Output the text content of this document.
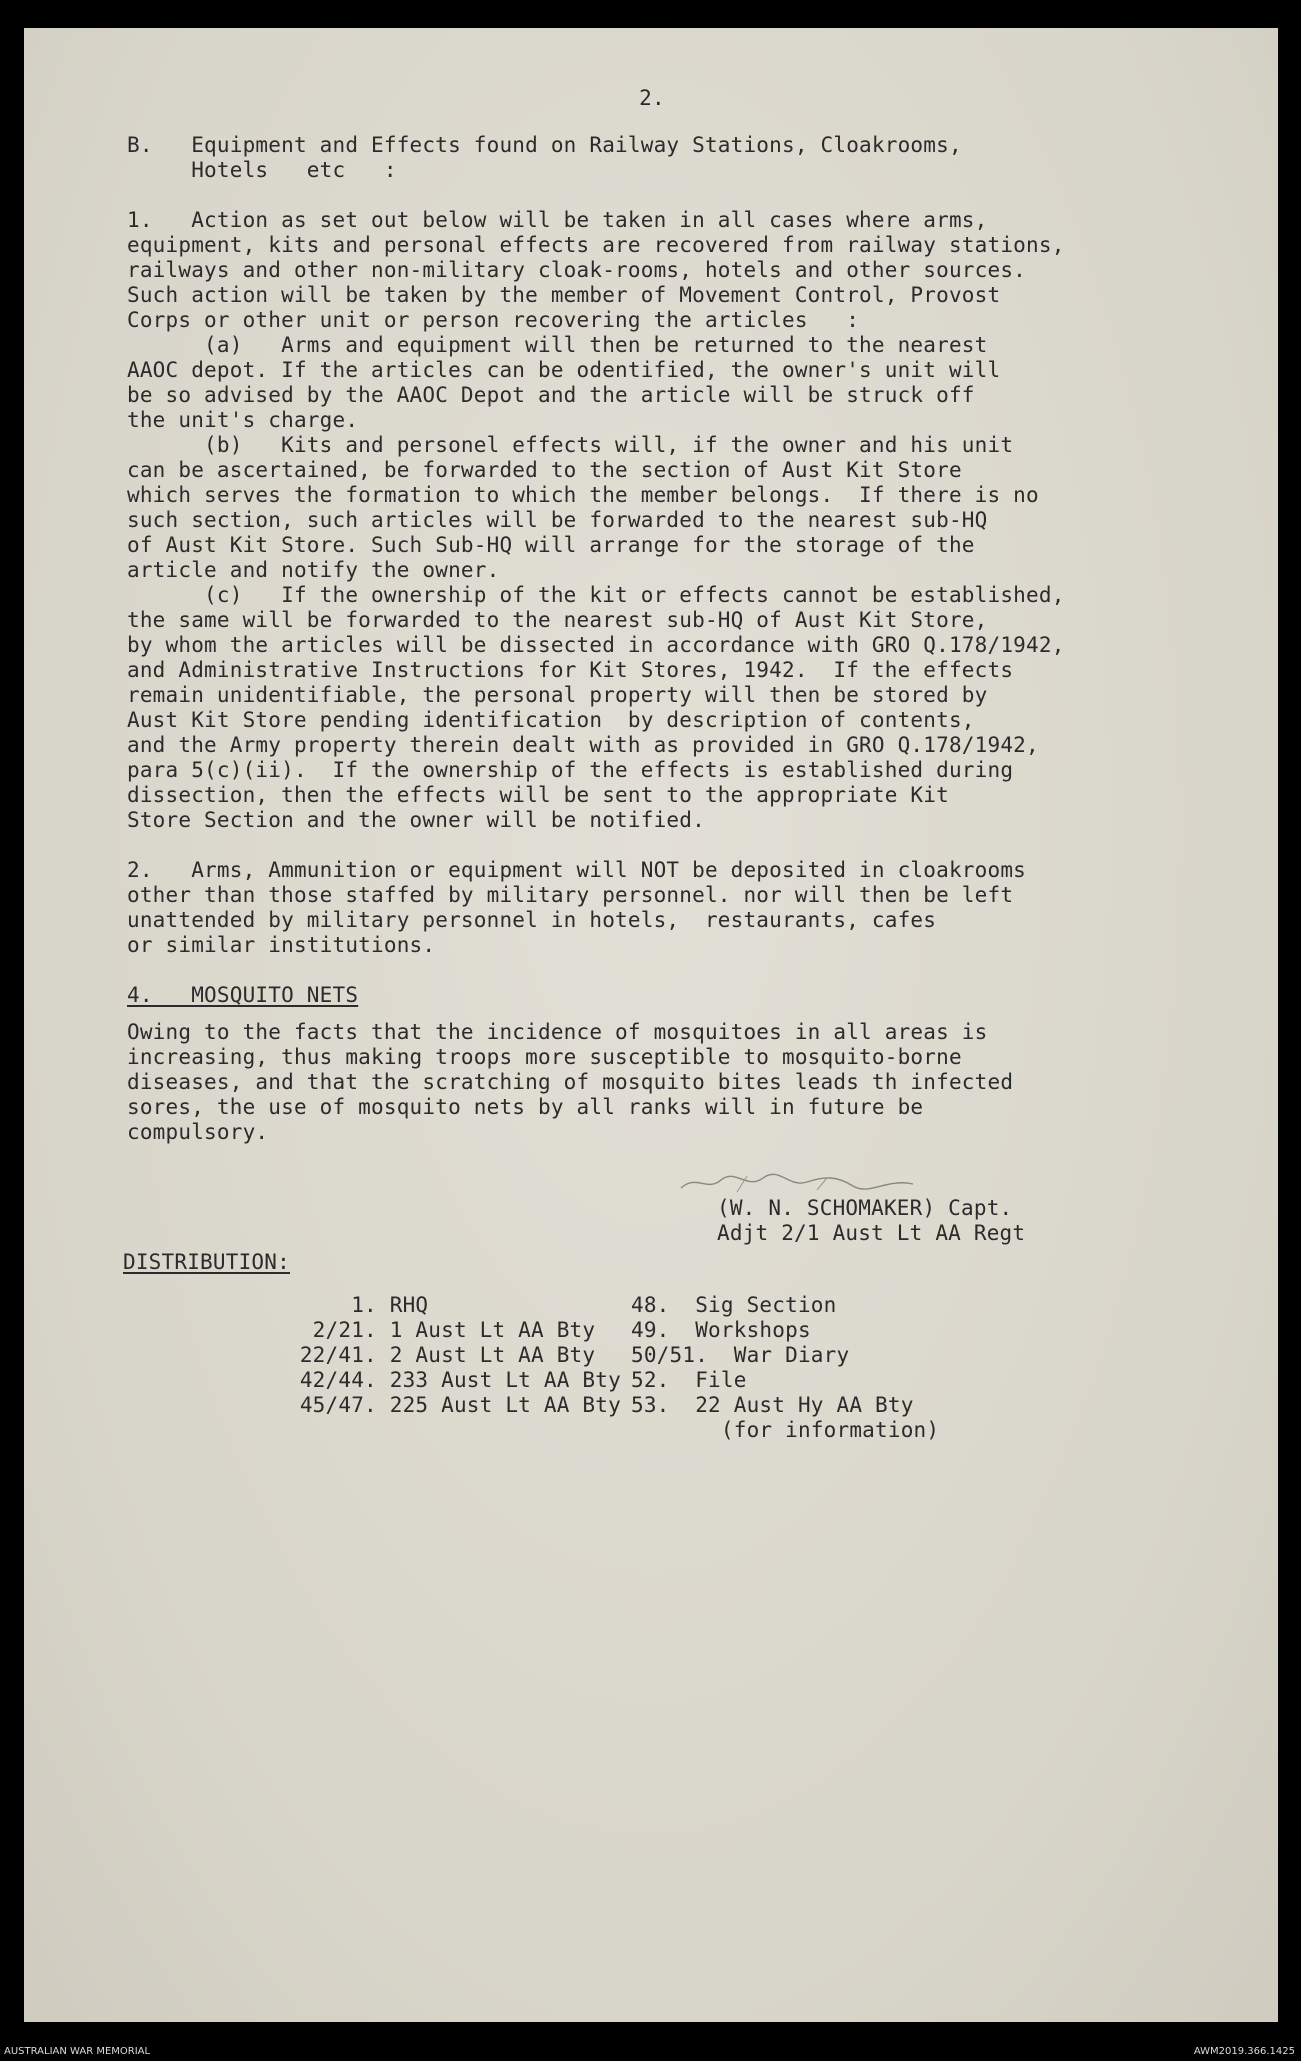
2.
B.   Equipment and Effects found on Railway Stations, Cloakrooms,
Hotels   etc   :
1.   Action as set out below will be taken in all cases where arms,
equipment, kits and personal effects are recovered from railway stations,
railways and other non-military cloak-rooms, hotels and other sources.
Such action will be taken by the member of Movement Control, Provost
Corps or other unit or person recovering the articles   :
(a)   Arms and equipment will then be returned to the nearest
AAOC depot. If the articles can be odentified, the owner's unit will
be so advised by the AAOC Depot and the article will be struck off
the unit's charge.
(b)   Kits and personel effects will, if the owner and his unit
can be ascertained, be forwarded to the section of Aust Kit Store
which serves the formation to which the member belongs.  If there is no
such section, such articles will be forwarded to the nearest sub-HQ
of Aust Kit Store. Such Sub-HQ will arrange for the storage of the
article and notify the owner.
(c)   If the ownership of the kit or effects cannot be established,
the same will be forwarded to the nearest sub-HQ of Aust Kit Store,
by whom the articles will be dissected in accordance with GRO Q.178/1942,
and Administrative Instructions for Kit Stores, 1942.  If the effects
remain unidentifiable, the personal property will then be stored by
Aust Kit Store pending identification  by description of contents,
and the Army property therein dealt with as provided in GRO Q.178/1942,
para 5(c)(ii).  If the ownership of the effects is established during
dissection, then the effects will be sent to the appropriate Kit
Store Section and the owner will be notified.
2.   Arms, Ammunition or equipment will NOT be deposited in cloakrooms
other than those staffed by military personnel. nor will then be left
unattended by military personnel in hotels,  restaurants, cafes
or similar institutions.
4.   MOSQUITO NETS
Owing to the facts that the incidence of mosquitoes in all areas is
increasing, thus making troops more susceptible to mosquito-borne
diseases, and that the scratching of mosquito bites leads th infected
sores, the use of mosquito nets by all ranks will in future be
compulsory.
(W. N. SCHOMAKER) Capt.
Adjt 2/1 Aust Lt AA Regt
DISTRIBUTION:
1. RHQ
2/21. 1 Aust Lt AA Bty
22/41. 2 Aust Lt AA Bty
42/44. 233 Aust Lt AA Bty
45/47. 225 Aust Lt AA Bty
48.  Sig Section
49.  Workshops
50/51.  War Diary
52.  File
53.  22 Aust Hy AA Bty
(for information)
AUSTRALIAN WAR MEMORIAL	AWM2019.366.1425
